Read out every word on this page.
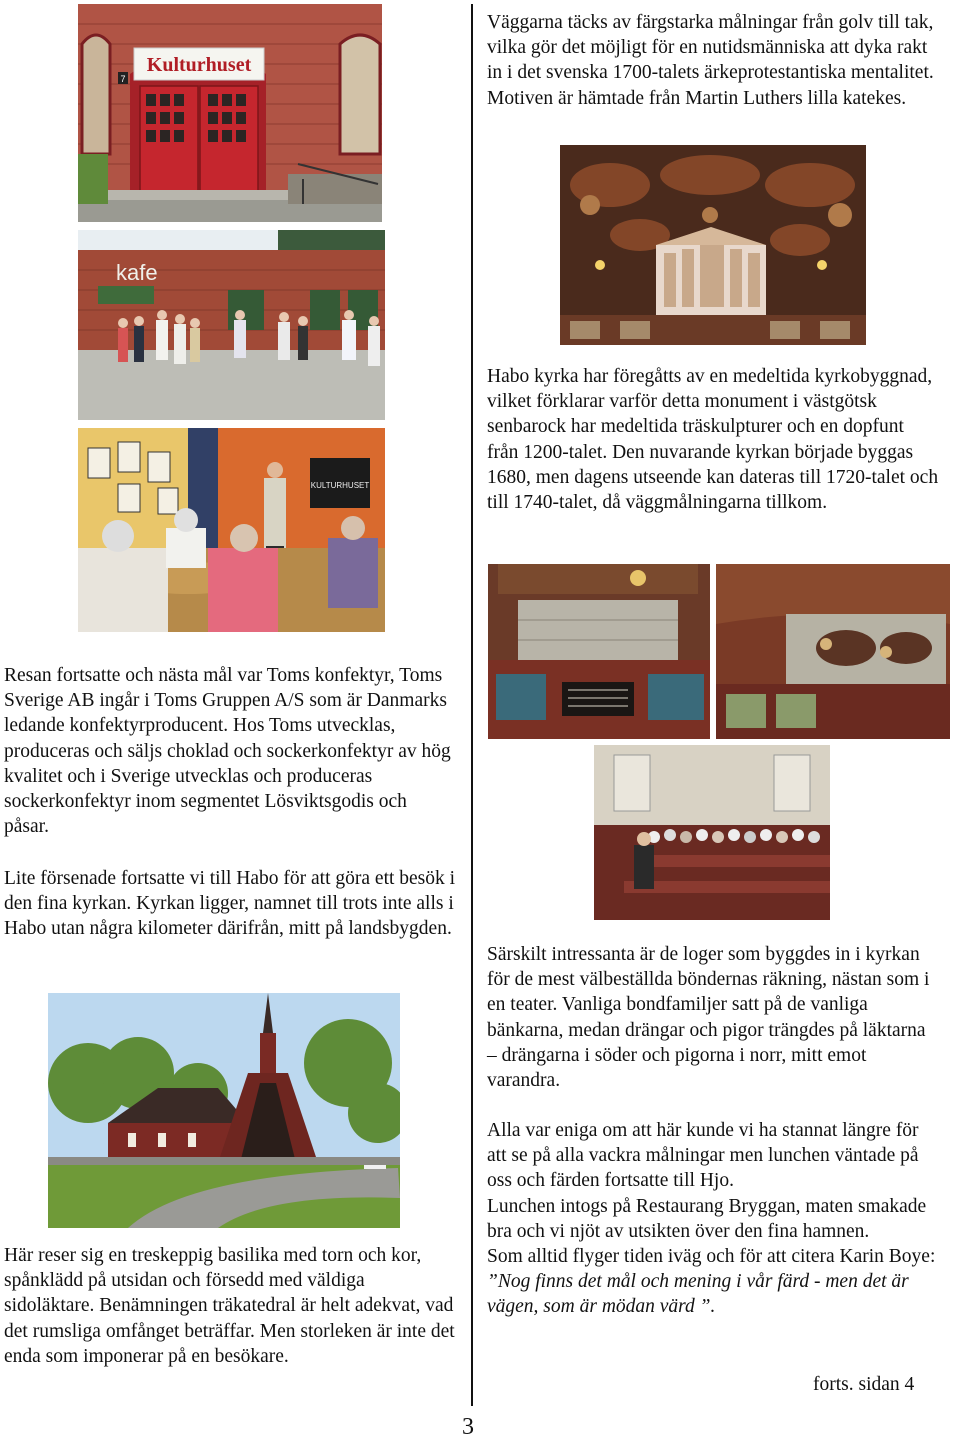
Kulturhuset
7
kafe
KULTURHUSET
3

Väggarna täcks av färgstarka målningar från golv till tak, vilka gör det möjligt för en nutidsmänniska att dyka rakt in i det svenska 1700-talets ärkeprotestantiska mentalitet. Motiven är hämtade från Martin Luthers lilla katekes.

Habo kyrka har föregåtts av en medeltida kyrkobyggnad, vilket förklarar varför detta monument i västgötsk senbarock har medeltida träskulpturer och en dopfunt från 1200-talet. Den nuvarande kyrkan började byggas 1680, men dagens utseende kan dateras till 1720-talet och till 1740-talet, då väggmålningarna tillkom.

Resan fortsatte och nästa mål var Toms konfektyr, Toms Sverige AB ingår i Toms Gruppen A/S som är Danmarks ledande konfektyrproducent. Hos Toms utvecklas, produceras och säljs choklad och sockerkonfektyr av hög kvalitet och i Sverige utvecklas och produceras sockerkonfektyr inom segmentet Lösviktsgodis och påsar.

Lite försenade fortsatte vi till Habo för att göra ett besök i den fina kyrkan. Kyrkan ligger, namnet till trots inte alls i Habo utan några kilometer därifrån, mitt på landsbygden.

Här reser sig en treskeppig basilika med torn och kor, spånklädd på utsidan och försedd med väldiga sidoläktare. Benämningen träkatedral är helt adekvat, vad det rumsliga omfånget beträffar. Men storleken är inte det enda som imponerar på en besökare.

Särskilt intressanta är de loger som byggdes in i kyrkan för de mest välbeställda böndernas räkning, nästan som i en teater. Vanliga bondfamiljer satt på de vanliga bänkarna, medan drängar och pigor trängdes på läktarna – drängarna i söder och pigorna i norr, mitt emot varandra.

Alla var eniga om att här kunde vi ha stannat längre för att se på alla vackra målningar men lunchen väntade på oss och färden fortsatte till Hjo.

Lunchen intogs på Restaurang Bryggan, maten smakade bra och vi njöt av utsikten över den fina hamnen.

Som alltid flyger tiden iväg och för att citera Karin Boye: ”Nog finns det mål och mening i vår färd - men det är vägen, som är mödan värd ”.

forts. sidan 4
